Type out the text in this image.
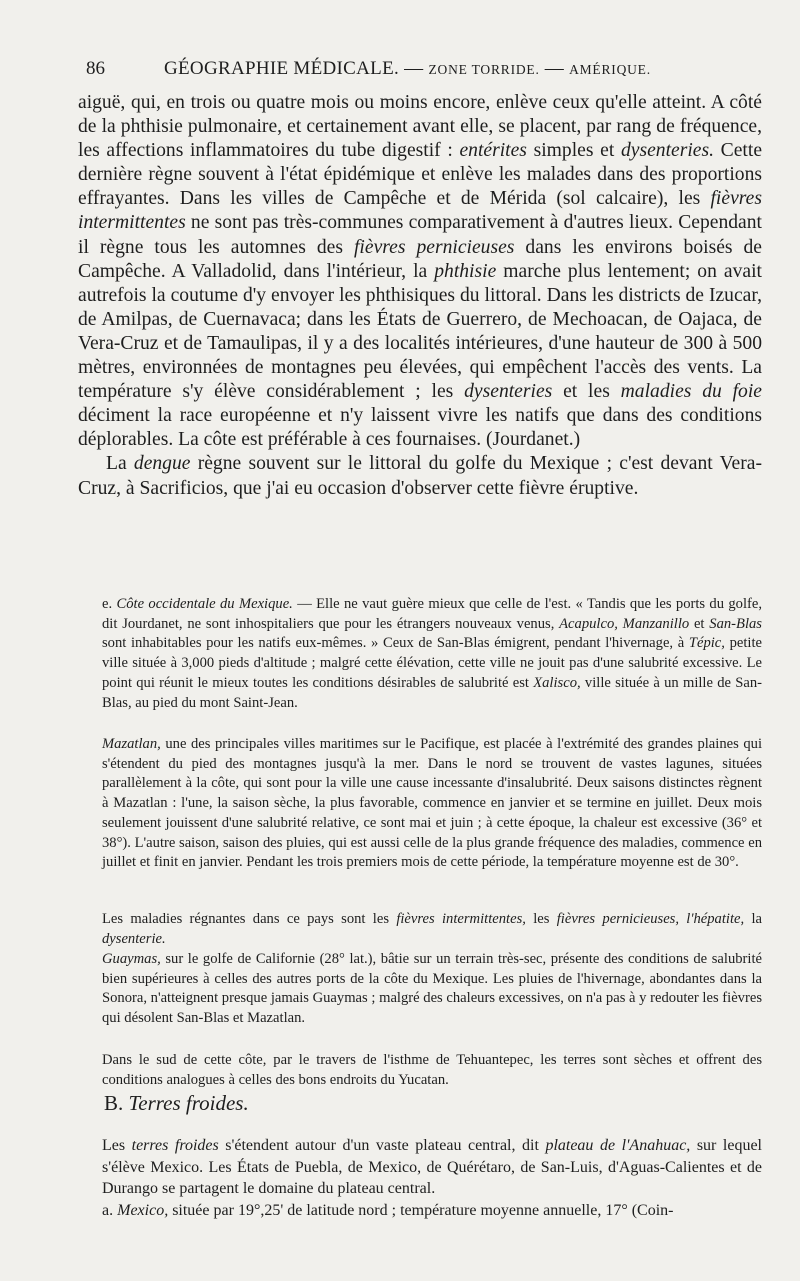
86	GÉOGRAPHIE MÉDICALE. — ZONE TORRIDE. — AMÉRIQUE.

aiguë, qui, en trois ou quatre mois ou moins encore, enlève ceux qu'elle atteint. A côté de la phthisie pulmonaire, et certainement avant elle, se placent, par rang de fréquence, les affections inflammatoires du tube digestif : entérites simples et dysenteries. Cette dernière règne souvent à l'état épidémique et enlève les malades dans des proportions effrayantes. Dans les villes de Campêche et de Mérida (sol calcaire), les fièvres intermittentes ne sont pas très-communes comparativement à d'autres lieux. Cependant il règne tous les automnes des fièvres pernicieuses dans les environs boisés de Campêche. A Valladolid, dans l'intérieur, la phthisie marche plus lentement; on avait autrefois la coutume d'y envoyer les phthisiques du littoral. Dans les districts de Izucar, de Amilpas, de Cuernavaca; dans les États de Guerrero, de Mechoacan, de Oajaca, de Vera-Cruz et de Tamaulipas, il y a des localités intérieures, d'une hauteur de 300 à 500 mètres, environnées de montagnes peu élevées, qui empêchent l'accès des vents. La température s'y élève considérablement ; les dysenteries et les maladies du foie déciment la race européenne et n'y laissent vivre les natifs que dans des conditions déplorables. La côte est préférable à ces fournaises. (Jourdanet.)

La dengue règne souvent sur le littoral du golfe du Mexique ; c'est devant Vera-Cruz, à Sacrificios, que j'ai eu occasion d'observer cette fièvre éruptive.

e. Côte occidentale du Mexique. — Elle ne vaut guère mieux que celle de l'est. « Tandis que les ports du golfe, dit Jourdanet, ne sont inhospitaliers que pour les étrangers nouveaux venus, Acapulco, Manzanillo et San-Blas sont inhabitables pour les natifs eux-mêmes. » Ceux de San-Blas émigrent, pendant l'hivernage, à Tépic, petite ville située à 3,000 pieds d'altitude ; malgré cette élévation, cette ville ne jouit pas d'une salubrité excessive. Le point qui réunit le mieux toutes les conditions désirables de salubrité est Xalisco, ville située à un mille de San-Blas, au pied du mont Saint-Jean.

Mazatlan, une des principales villes maritimes sur le Pacifique, est placée à l'extrémité des grandes plaines qui s'étendent du pied des montagnes jusqu'à la mer. Dans le nord se trouvent de vastes lagunes, situées parallèlement à la côte, qui sont pour la ville une cause incessante d'insalubrité. Deux saisons distinctes règnent à Mazatlan : l'une, la saison sèche, la plus favorable, commence en janvier et se termine en juillet. Deux mois seulement jouissent d'une salubrité relative, ce sont mai et juin ; à cette époque, la chaleur est excessive (36° et 38°). L'autre saison, saison des pluies, qui est aussi celle de la plus grande fréquence des maladies, commence en juillet et finit en janvier. Pendant les trois premiers mois de cette période, la température moyenne est de 30°.

Les maladies régnantes dans ce pays sont les fièvres intermittentes, les fièvres pernicieuses, l'hépatite, la dysenterie.

Guaymas, sur le golfe de Californie (28° lat.), bâtie sur un terrain très-sec, présente des conditions de salubrité bien supérieures à celles des autres ports de la côte du Mexique. Les pluies de l'hivernage, abondantes dans la Sonora, n'atteignent presque jamais Guaymas ; malgré des chaleurs excessives, on n'a pas à y redouter les fièvres qui désolent San-Blas et Mazatlan.

Dans le sud de cette côte, par le travers de l'isthme de Tehuantepec, les terres sont sèches et offrent des conditions analogues à celles des bons endroits du Yucatan.

B. Terres froides.

Les terres froides s'étendent autour d'un vaste plateau central, dit plateau de l'Anahuac, sur lequel s'élève Mexico. Les États de Puebla, de Mexico, de Quérétaro, de San-Luis, d'Aguas-Calientes et de Durango se partagent le domaine du plateau central.

a. Mexico, située par 19°,25' de latitude nord ; température moyenne annuelle, 17° (Coin-
